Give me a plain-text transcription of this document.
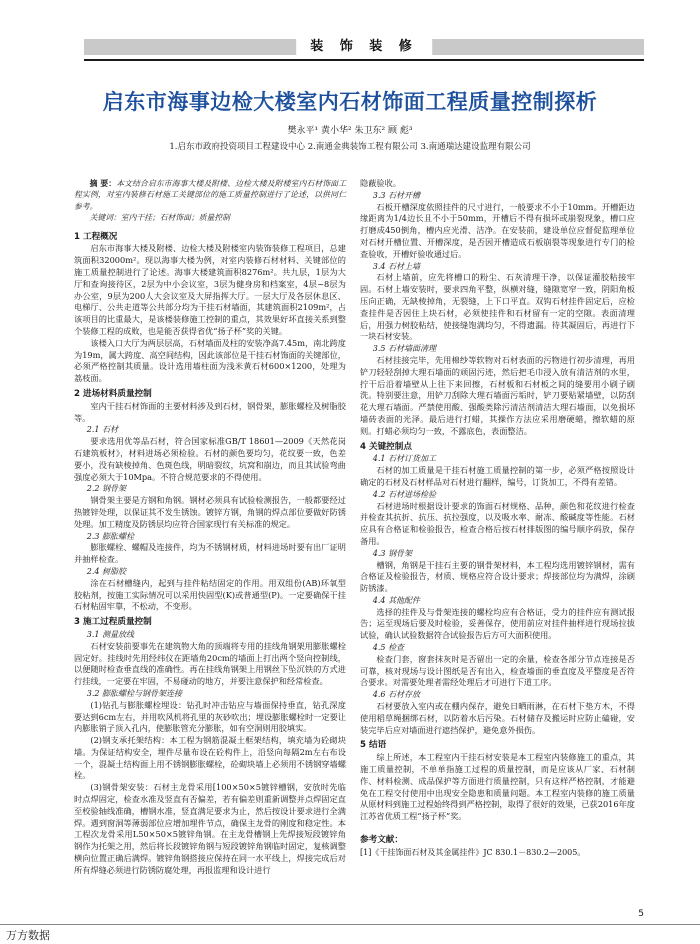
装 饰 装 修
启东市海事边检大楼室内石材饰面工程质量控制探析
樊永平¹ 黄小华² 朱卫东² 顾 彪³
1.启东市政府投资项目工程建设中心 2.南通金典装饰工程有限公司 3.南通瑞达建设监理有限公司

摘 要：本文结合启东市海事大楼及附楼、边检大楼及附楼室内石材饰面工程实例，对室内装修石材施工关键部位的施工质量控制进行了论述，以供同仁参考。

关键词：室内干挂；石材饰面；质量控制

1 工程概况

启东市海事大楼及附楼、边检大楼及附楼室内装饰装修工程项目，总建筑面积32000m²。现以海事大楼为例，对室内装修石材材料、关键部位的施工质量控制进行了论述。海事大楼建筑面积8276m²。共九层，1层为大厅和查询接待区，2层为中小会议室，3层为健身房和档案室，4层~8层为办公室，9层为200人大会议室及大屏指挥大厅。一层大厅及各层休息区、电梯厅、公共走道等公共部分均为干挂石材墙面，其建筑面积2109m²，占该项目的比重最大，是该楼装修施工控制的重点，其效果好坏直接关系到整个装修工程的成败，也是能否获得省优“扬子杯”奖的关键。

该楼入口大厅为两层层高，石材墙面及柱的安装净高7.45m，南北跨度为19m，属大跨度、高空间结构，因此该部位是干挂石材饰面的关键部位，必须严格控制其质量。设计选用墙柱面为浅米黄石材600×1200，处理为荔枝面。

2 进场材料质量控制

室内干挂石材饰面的主要材料涉及到石材，钢骨架，膨胀螺栓及树脂胶等。

2.1 石材

要求选用优等品石材，符合国家标准GB/T 18601—2009《天然花岗石建筑板材》，材料进场必须检验。石材的颜色要均匀，花纹要一致，色差要小，没有缺棱掉角、色斑色线，明暗裂纹，坑窝和崩边，而且其试验弯曲强度必须大于10Mpa。不符合规范要求的不得使用。

2.2 钢骨架

钢骨架主要是方钢和角钢。钢材必须具有试验检测报告，一般都要经过热镀锌处理，以保证其不发生锈蚀。镀锌方钢，角钢的焊点部位要做好防锈处理。加工精度及防锈层均应符合国家现行有关标准的规定。

2.3 膨胀螺栓

膨胀螺栓、螺帽及连接件，均为不锈钢材质，材料进场时要有出厂证明并抽样检查。

2.4 树脂胶

涂在石材槽缝内，起到与挂件粘结固定的作用。用双组份(AB)环氧型胶粘剂，按施工实际情况可以采用快固型(K)或普通型(P)。一定要确保干挂石材粘固牢靠，不松动，不变形。

3 施工过程质量控制

3.1 测量放线

石材安装前要事先在建筑物大角的顶端将专用的挂线角钢架用膨胀螺栓固定好。挂线时先用经纬仪在距墙角20cm的墙面上打出两个竖向控制线，以便随时检查垂直线的准确性。再在挂线角钢架上用钢丝下坠沉铁的方式进行挂线，一定要在牢固，不易碰动的地方，并要注意保护和经常检查。

3.2 膨胀螺栓与钢骨架连接

(1)钻孔与膨胀螺栓埋设：钻孔时冲击钻应与墙面保持垂直，钻孔深度要达到6cm左右，并用吹风机将孔里的灰砂吹出；埋设膨胀螺栓时一定要让内膨胀销子顶入孔内，使膨胀管充分膨胀，如有空洞则用胶填实。

(2)钢支承托架结构：本工程为钢筋混凝土框架结构，填充墙为砼砌块墙。为保证结构安全，埋件尽量布设在砼构件上，沿竖向每隔2m左右布设一个，混凝土结构面上用不锈钢膨胀螺栓，砼砌块墙上必须用不锈钢穿墙螺栓。

(3)钢骨架安装：石材主龙骨采用[100×50×5镀锌槽钢，安放时先临时点焊固定，检查水准及竖直有否偏差，若有偏差则重新调整并点焊固定直至校验轴线准确，槽钢水准，竖直满足要求为止，然后按设计要求进行全满焊。遇到窗洞等薄弱部位应增加埋件节点，确保主龙骨的刚度和稳定性。本工程次龙骨采用L50×50×5镀锌角钢。在主龙骨槽钢上先焊接短段镀锌角钢作为托架之用，然后将长段镀锌角钢与短段镀锌角钢临时固定，复核调整横向位置正确后满焊。镀锌角钢搭接应保持在同一水平线上，焊接完成后对所有焊缝必须进行防锈防腐处理，再报监理和设计进行

隐蔽验收。

3.3 石材开槽

石板开槽深度依照挂件的尺寸进行，一般要求不小于10mm。开槽距边缘距离为1/4边长且不小于50mm，开槽后不得有损坏或崩裂现象，槽口应打磨成450倒角，槽内应光滑、洁净。在安装前，建设单位应督促监理单位对石材开槽位置、开槽深度，是否因开槽造成石板崩裂等现象进行专门的检查验收，开槽好验收通过后。

3.4 石材上墙

石材上墙前，应先将槽口的粉尘、石灰清理干净，以保证灌胶粘接牢固。石材上墙安装时，要求四角平整，纵横对缝，缝隙宽窄一致，阴阳角板压向正确，无缺棱掉角，无裂缝，上下口平直。双钩石材挂件固定后，应检查挂件是否因住上块石材，必须使挂件和石材留有一定的空隙。表面清理后，用强力树胶粘结，使接缝饱满均匀，不得遗漏。待其凝固后，再进行下一块石材安装。

3.5 石材墙面清理

石材挂接完毕，先用棉纱等软物对石材表面的污物进行初步清理，再用铲刀轻轻刮掉大理石墙面的顽固污迹，然后把毛巾浸入放有清洁剂的水里，拧干后沿着墙壁从上往下来回擦，石材板和石材板之间的缝要用小刷子刷洗。特别要注意，用铲刀刮除大理石墙面污垢时，铲刀要贴紧墙壁，以防刮花大理石墙面。严禁使用酸、强酸类除污清洁剂清洁大理石墙面，以免损坏墙砖表面的光泽。最后进行打蜡，其操作方法应采用磨硬蜡，擦软蜡的原则。打蜡必须均匀一致，不露底色，表面整洁。

4 关键控制点

4.1 石材订货加工

石材的加工质量是干挂石材施工质量控制的第一步，必须严格按照设计确定的石材及石材样品对石材进行翻样，编号，订货加工，不得有差错。

4.2 石材进场检验

石材进场时根据设计要求的饰面石材规格、品种，颜色和花纹进行检查并检查其抗折、抗压、抗拉强度，以及吸水率、耐冻、酸碱度等性能。石材应具有合格证和检验报告，检查合格后按石材排版图的编号顺序码放，保存备用。

4.3 钢骨架

槽钢，角钢是干挂石主要的钢骨架材料，本工程均选用镀锌钢材，需有合格证及检验报告，材质、规格应符合设计要求；焊接部位均为满焊，涂刷防锈漆。

4.4 其他配件

选择的挂件及与骨架连接的螺栓均应有合格证，受力的挂件应有测试报告；运至现场后要及时检验，妥善保存，使用前应对挂件抽样进行现场拉拔试验，确认试验数据符合试验报告后方可大面积使用。

4.5 检查

检查门套，窗套抹灰时是否留出一定的余量，检查各部分节点连接是否可靠，核对现场与设计图纸是否有出入，检查墙面的垂直度及平整度是否符合要求。对需要处理者需经处理后才可进行下道工序。

4.6 石材存放

石材要放入室内或在棚内保存，避免日晒雨淋，在石材下垫方木，不得使用稻草绳捆绑石材，以防着水后污染。石材储存及搬运时应防止磕碰，安装完毕后应对墙面进行遮挡保护，避免意外损伤。

5 结语

综上所述，本工程室内干挂石材安装是本工程室内装修施工的重点，其施工质量控制，不单单指施工过程的质量控制，而是应该从厂家、石材制作、材料检测、成品保护等方面进行质量控制，只有这样严格控制，才能避免在工程交付使用中出现安全隐患和质量问题。本工程室内装修的施工质量从原材料到施工过程始终得到严格控制，取得了很好的效果，已获2016年度江苏省优质工程“扬子杯”奖。

参考文献：

[1]《干挂饰面石材及其金属挂件》JC 830.1－830.2—2005。

5
万方数据
